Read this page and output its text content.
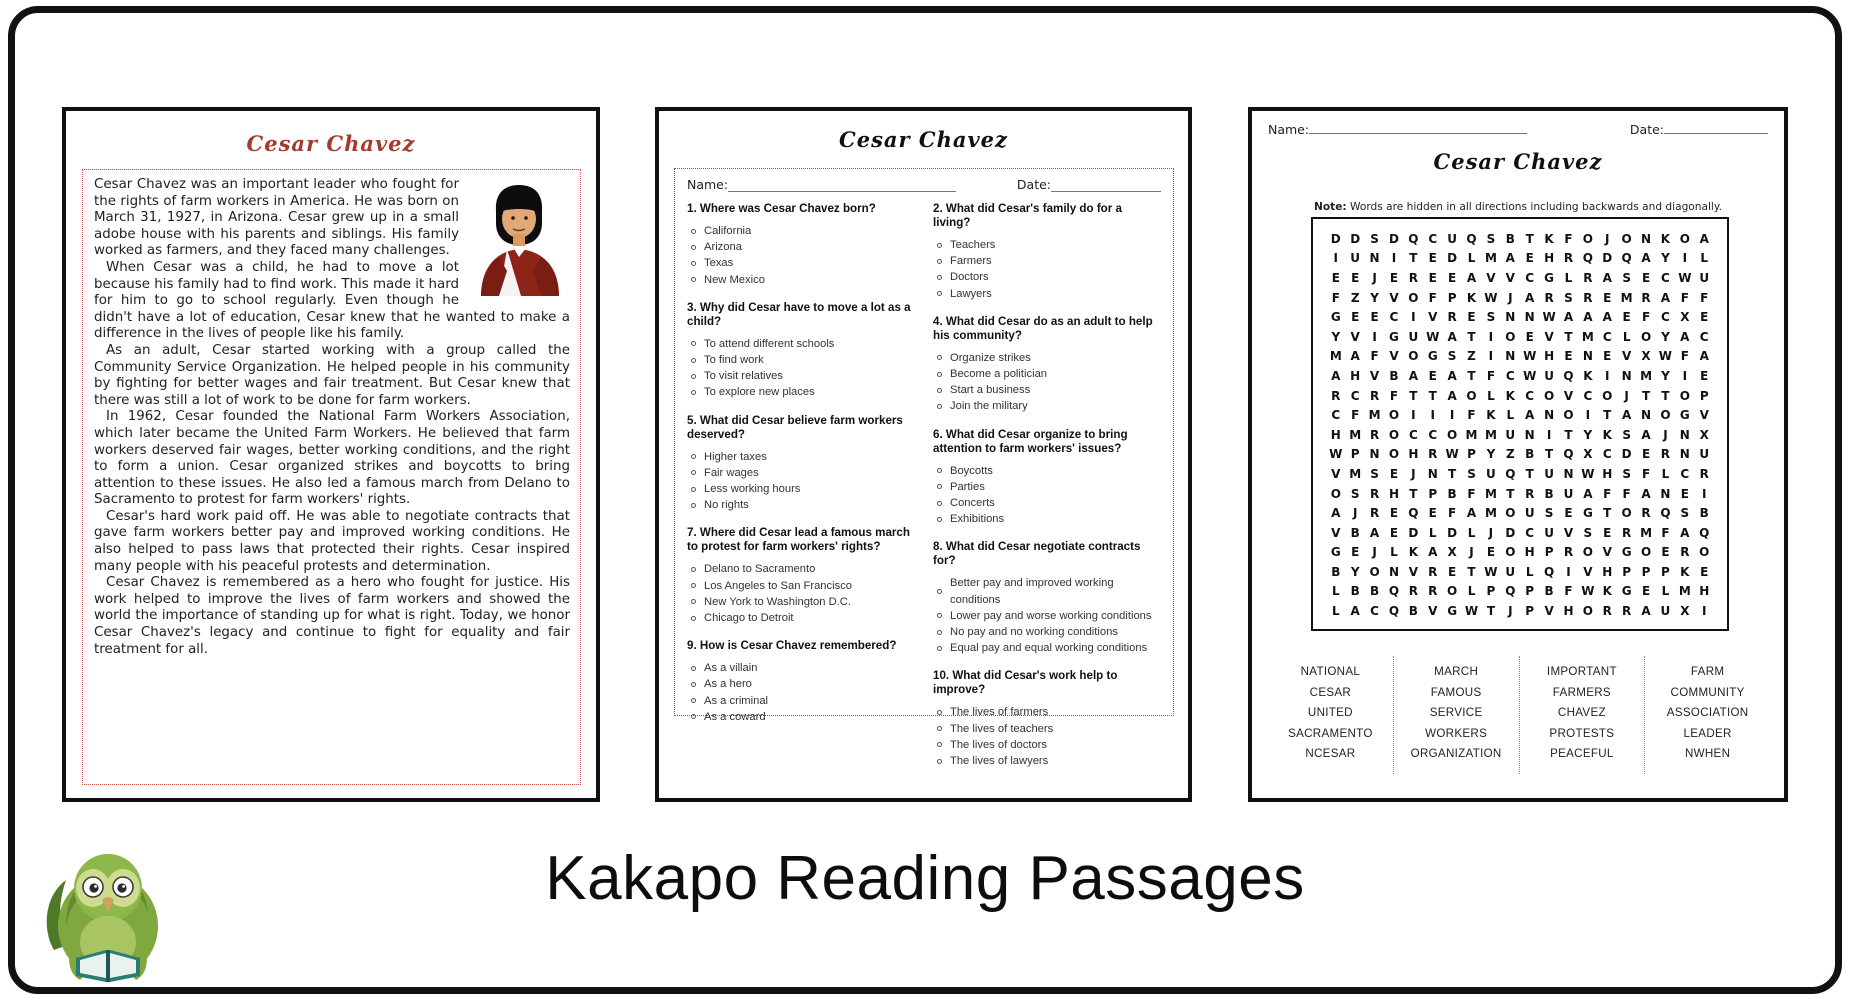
Cesar Chavez

Cesar Chavez was an important leader who fought for the rights of farm workers in America. He was born on March 31, 1927, in Arizona. Cesar grew up in a small adobe house with his parents and siblings. His family worked as farmers, and they faced many challenges.

When Cesar was a child, he had to move a lot because his family had to find work. This made it hard for him to go to school regularly. Even though he didn't have a lot of education, Cesar knew that he wanted to make a difference in the lives of people like his family.

As an adult, Cesar started working with a group called the Community Service Organization. He helped people in his community by fighting for better wages and fair treatment. But Cesar knew that there was still a lot of work to be done for farm workers.

In 1962, Cesar founded the National Farm Workers Association, which later became the United Farm Workers. He believed that farm workers deserved fair wages, better working conditions, and the right to form a union. Cesar organized strikes and boycotts to bring attention to these issues. He also led a famous march from Delano to Sacramento to protest for farm workers' rights.

Cesar's hard work paid off. He was able to negotiate contracts that gave farm workers better pay and improved working conditions. He also helped to pass laws that protected their rights. Cesar inspired many people with his peaceful protests and determination.

Cesar Chavez is remembered as a hero who fought for justice. His work helped to improve the lives of farm workers and showed the world the importance of standing up for what is right. Today, we honor Cesar Chavez's legacy and continue to fight for equality and fair treatment for all.

Cesar Chavez
Name:	Date:
1. Where was Cesar Chavez born?
California
Arizona
Texas
New Mexico
3. Why did Cesar have to move a lot as a child?
To attend different schools
To find work
To visit relatives
To explore new places
5. What did Cesar believe farm workers deserved?
Higher taxes
Fair wages
Less working hours
No rights
7. Where did Cesar lead a famous march to protest for farm workers' rights?
Delano to Sacramento
Los Angeles to San Francisco
New York to Washington D.C.
Chicago to Detroit
9. How is Cesar Chavez remembered?
As a villain
As a hero
As a criminal
As a coward
2. What did Cesar's family do for a living?
Teachers
Farmers
Doctors
Lawyers
4. What did Cesar do as an adult to help his community?
Organize strikes
Become a politician
Start a business
Join the military
6. What did Cesar organize to bring attention to farm workers' issues?
Boycotts
Parties
Concerts
Exhibitions
8. What did Cesar negotiate contracts for?
Better pay and improved working conditions
Lower pay and worse working conditions
No pay and no working conditions
Equal pay and equal working conditions
10. What did Cesar's work help to improve?
The lives of farmers
The lives of teachers
The lives of doctors
The lives of lawyers
Name:	Date:
Cesar Chavez
Note: Words are hidden in all directions including backwards and diagonally.
D D S D Q C U Q S B T K F O	J	O N K O A
I	U N	I	T E D L M A E H R Q D Q A Y	I	L
E E	J	E R E E A V V C G L R A S E C W U
F Z Y V O F P K W J	A R S R E M R A F F
G E E C	I	V R E S N N W A A A E F C X E
Y V	I	G U W A T	I	O E V T M C L O Y A C
M A F V O G S Z	I	N W H E N E V X W F A
A H V B A E A T F C W U Q K	I	N M Y	I	E
R C R F T T A O L K C O V C O	J	T T O P
C F M O	I	I	I	F K L A N O	I	T A N O G V
H M R O C C O M M U N	I	T Y K S A	J	N X
W P N O H R W P Y Z B T Q X C D E R N U
V M S E	J	N T S U Q T U N W H S F L C R
O S R H T P B F M T R B U A F F A N E	I
A	J	R E Q E F A M O U S E G T O R Q S B
V B A E D L D L	J	D C U V S E R M F A Q
G E	J	L K A X	J	E O H P R O V G O E R O
B Y O N V R E T W U L Q	I	V H P P P K E
L B B Q R R O L P Q P B F W K G E L M H
L A C Q B V G W T	J	P V H O R R A U X	I
NATIONAL
CESAR
UNITED
SACRAMENTO
NCESAR
MARCH
FAMOUS
SERVICE
WORKERS
ORGANIZATION
IMPORTANT
FARMERS
CHAVEZ
PROTESTS
PEACEFUL
FARM
COMMUNITY
ASSOCIATION
LEADER
NWHEN
Kakapo Reading Passages
